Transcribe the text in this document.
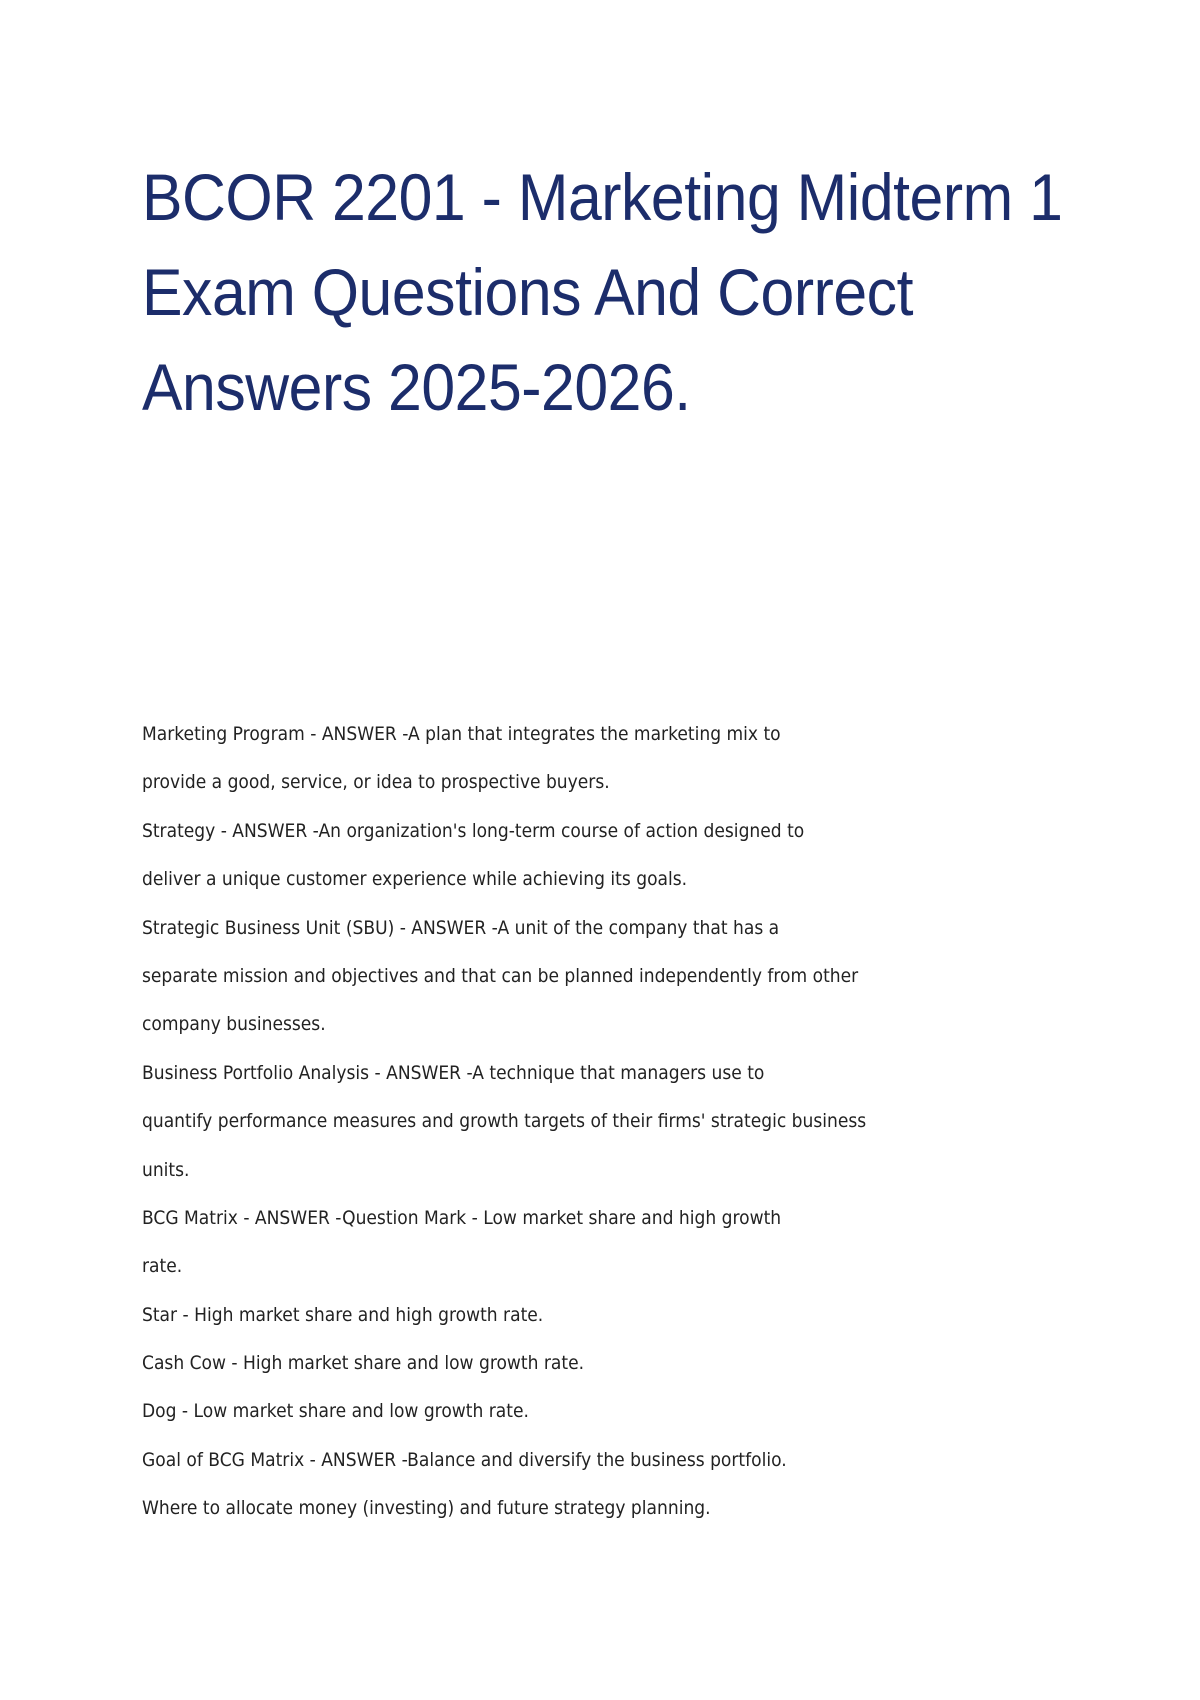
BCOR 2201 - Marketing Midterm 1
Exam Questions And Correct
Answers 2025-2026.
Marketing Program - ANSWER -A plan that integrates the marketing mix to
provide a good, service, or idea to prospective buyers.
Strategy - ANSWER -An organization's long-term course of action designed to
deliver a unique customer experience while achieving its goals.
Strategic Business Unit (SBU) - ANSWER -A unit of the company that has a
separate mission and objectives and that can be planned independently from other
company businesses.
Business Portfolio Analysis - ANSWER -A technique that managers use to
quantify performance measures and growth targets of their firms' strategic business
units.
BCG Matrix - ANSWER -Question Mark - Low market share and high growth
rate.
Star - High market share and high growth rate.
Cash Cow - High market share and low growth rate.
Dog - Low market share and low growth rate.
Goal of BCG Matrix - ANSWER -Balance and diversify the business portfolio.
Where to allocate money (investing) and future strategy planning.
